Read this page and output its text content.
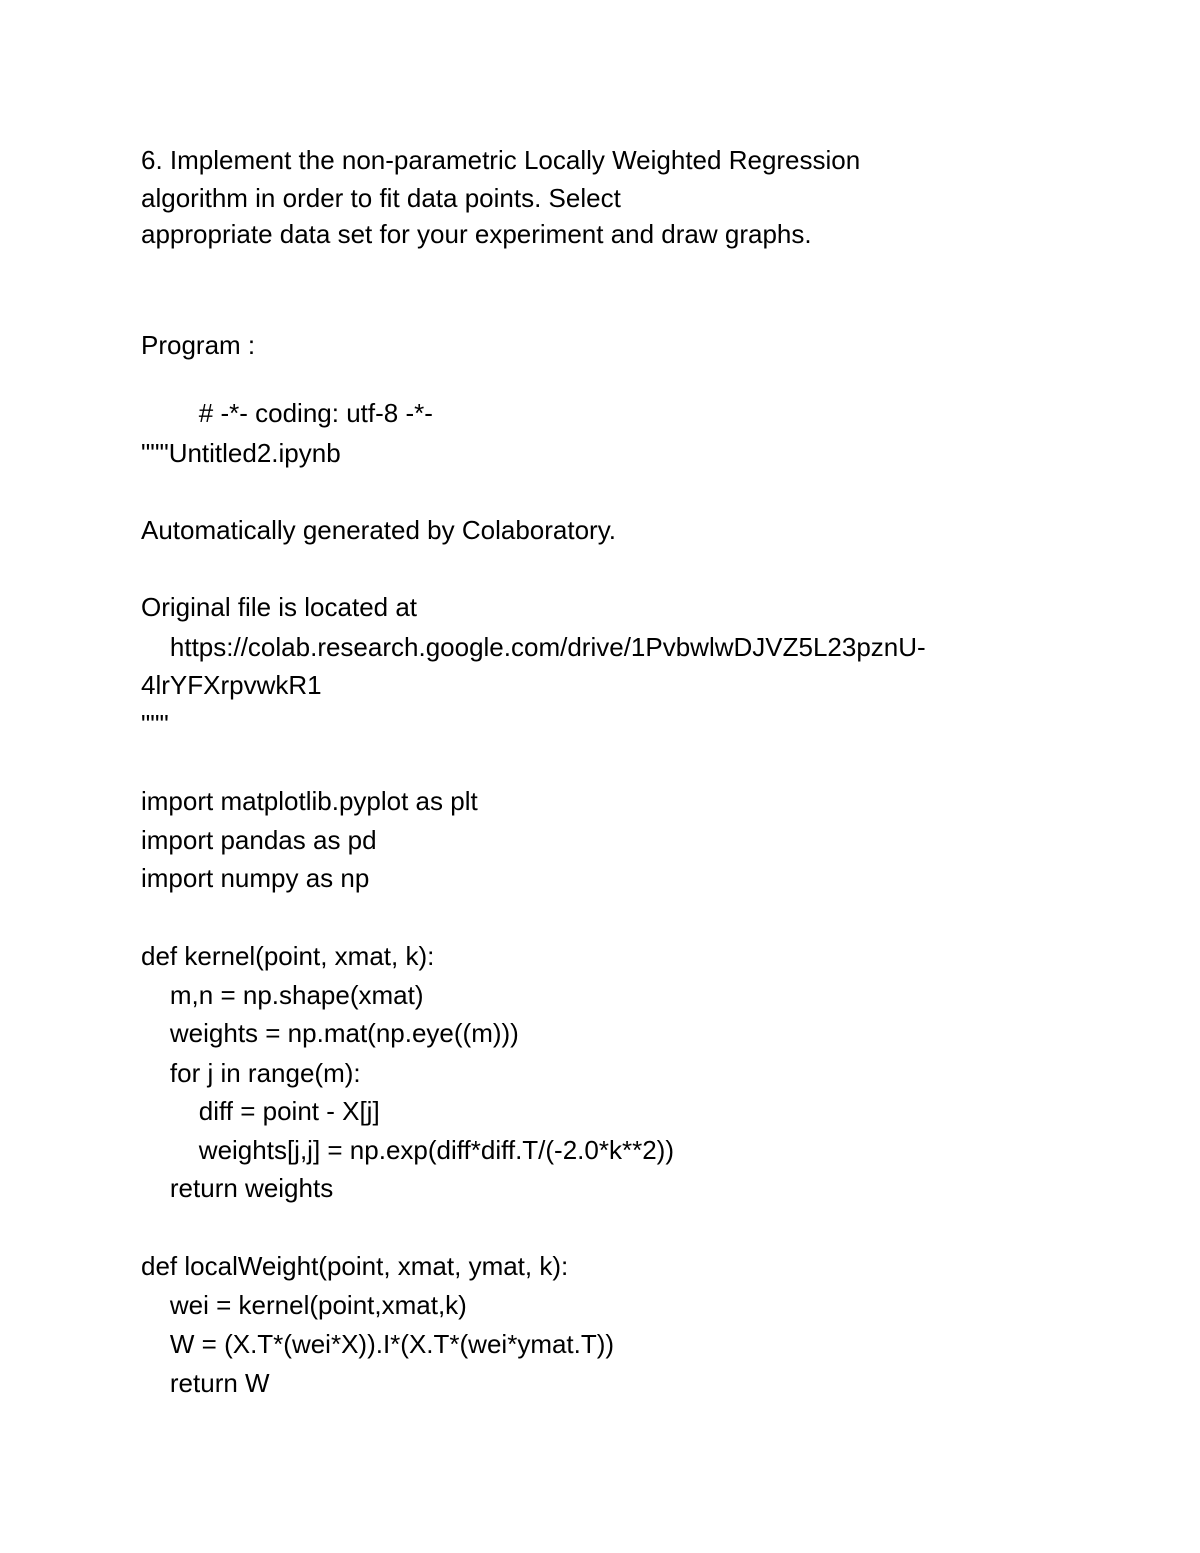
6. Implement the non-parametric Locally Weighted Regression
algorithm in order to fit data points. Select
appropriate data set for your experiment and draw graphs.
Program :
# -*- coding: utf-8 -*-
"""Untitled2.ipynb
Automatically generated by Colaboratory.
Original file is located at
https://colab.research.google.com/drive/1PvbwlwDJVZ5L23pznU-
4lrYFXrpvwkR1
"""
import matplotlib.pyplot as plt
import pandas as pd
import numpy as np
def kernel(point, xmat, k):
m,n = np.shape(xmat)
weights = np.mat(np.eye((m)))
for j in range(m):
diff = point - X[j]
weights[j,j] = np.exp(diff*diff.T/(-2.0*k**2))
return weights
def localWeight(point, xmat, ymat, k):
wei = kernel(point,xmat,k)
W = (X.T*(wei*X)).I*(X.T*(wei*ymat.T))
return W
